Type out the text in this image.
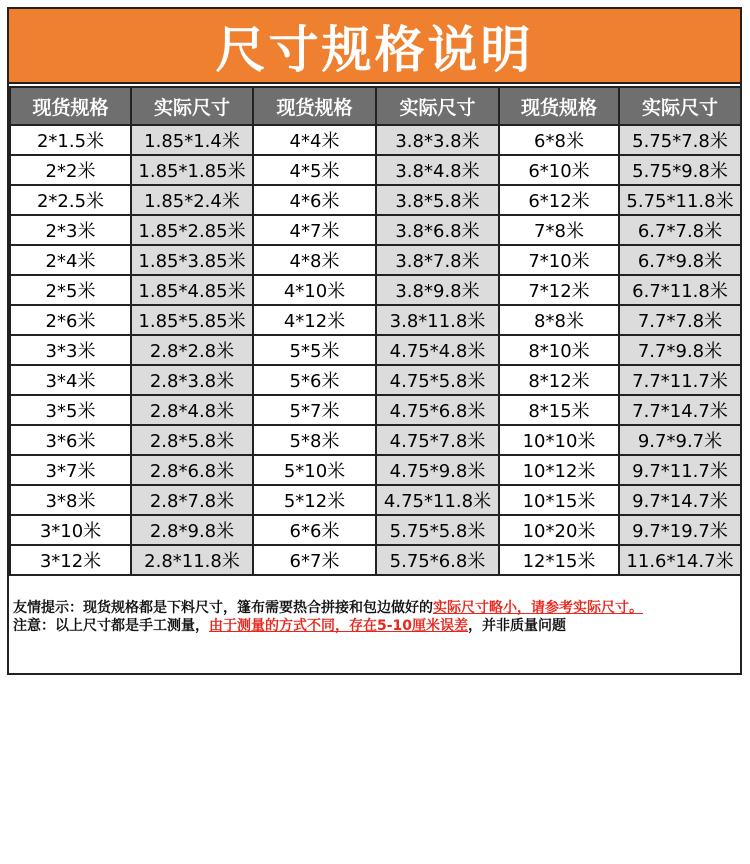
尺寸规格说明
现货规格	实际尺寸	现货规格	实际尺寸	现货规格	实际尺寸
2*1.5米	1.85*1.4米	4*4米	3.8*3.8米	6*8米	5.75*7.8米
2*2米	1.85*1.85米	4*5米	3.8*4.8米	6*10米	5.75*9.8米
2*2.5米	1.85*2.4米	4*6米	3.8*5.8米	6*12米	5.75*11.8米
2*3米	1.85*2.85米	4*7米	3.8*6.8米	7*8米	6.7*7.8米
2*4米	1.85*3.85米	4*8米	3.8*7.8米	7*10米	6.7*9.8米
2*5米	1.85*4.85米	4*10米	3.8*9.8米	7*12米	6.7*11.8米
2*6米	1.85*5.85米	4*12米	3.8*11.8米	8*8米	7.7*7.8米
3*3米	2.8*2.8米	5*5米	4.75*4.8米	8*10米	7.7*9.8米
3*4米	2.8*3.8米	5*6米	4.75*5.8米	8*12米	7.7*11.7米
3*5米	2.8*4.8米	5*7米	4.75*6.8米	8*15米	7.7*14.7米
3*6米	2.8*5.8米	5*8米	4.75*7.8米	10*10米	9.7*9.7米
3*7米	2.8*6.8米	5*10米	4.75*9.8米	10*12米	9.7*11.7米
3*8米	2.8*7.8米	5*12米	4.75*11.8米	10*15米	9.7*14.7米
3*10米	2.8*9.8米	6*6米	5.75*5.8米	10*20米	9.7*19.7米
3*12米	2.8*11.8米	6*7米	5.75*6.8米	12*15米	11.6*14.7米

友情提示：现货规格都是下料尺寸，篷布需要热合拼接和包边做好的实际尺寸略小，请参考实际尺寸。

注意：以上尺寸都是手工测量，由于测量的方式不同，存在5-10厘米误差，并非质量问题
